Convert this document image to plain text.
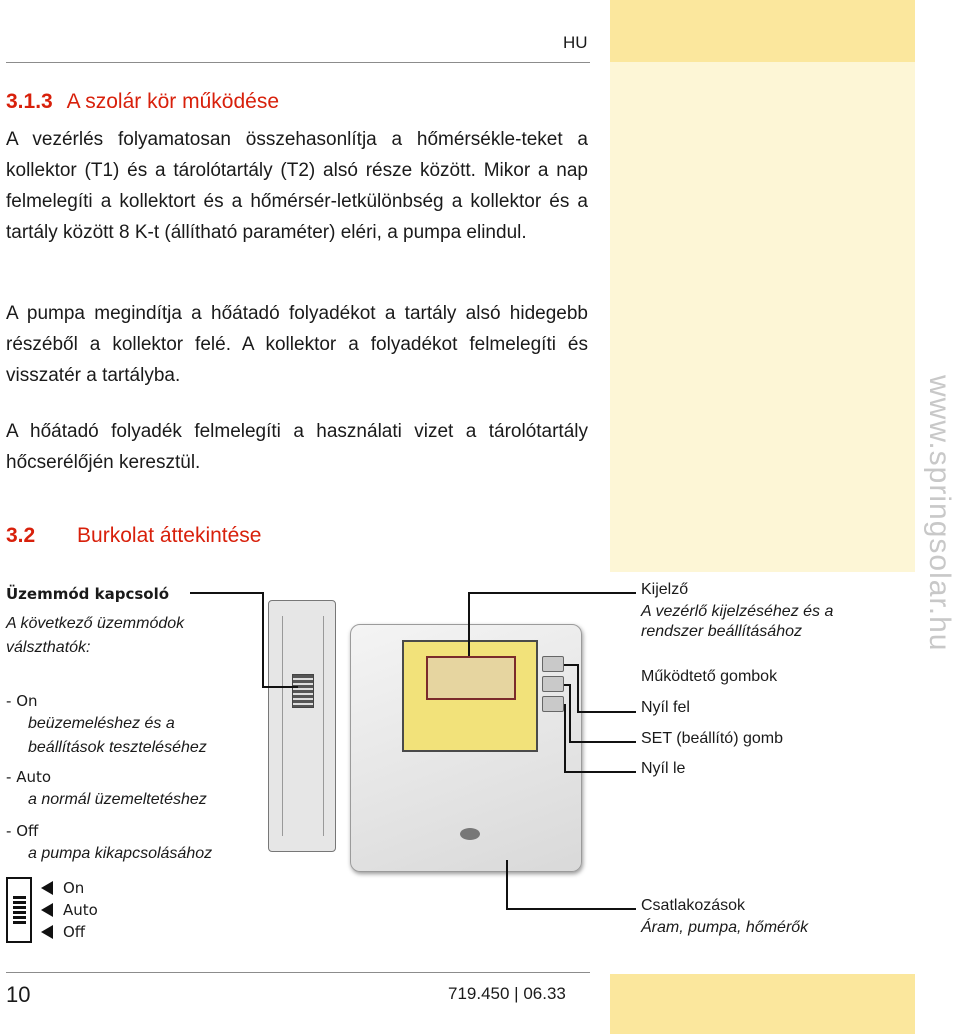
HU
www.springsolar.hu
3.1.3 A szolár kör működése
A vezérlés folyamatosan összehasonlítja a hőmérsékle-teket a kollektor (T1) és a tárolótartály (T2) alsó része között. Mikor a nap felmelegíti a kollektort és a hőmérsér-letkülönbség a kollektor és a tartály között 8 K-t (állítható paraméter) eléri, a pumpa elindul.
A pumpa megindítja a hőátadó folyadékot a tartály alsó hidegebb részéből a kollektor felé. A kollektor a folyadékot felmelegíti és visszatér a tartályba.
A hőátadó folyadék felmelegíti a használati vizet a tárolótartály hőcserélőjén keresztül.
3.2 Burkolat áttekintése
Üzemmód kapcsoló
A következő üzemmódok válszthatók:
- On
beüzemeléshez és a beállítások teszteléséhez
- Auto
a normál üzemeltetéshez
- Off
a pumpa kikapcsolásához
On
Auto
Off
Kijelző
A vezérlő kijelzéséhez és a rendszer beállításához
Működtető gombok
Nyíl fel
SET (beállító) gomb
Nyíl le
Csatlakozások
Áram, pumpa, hőmérők
10	719.450 | 06.33
